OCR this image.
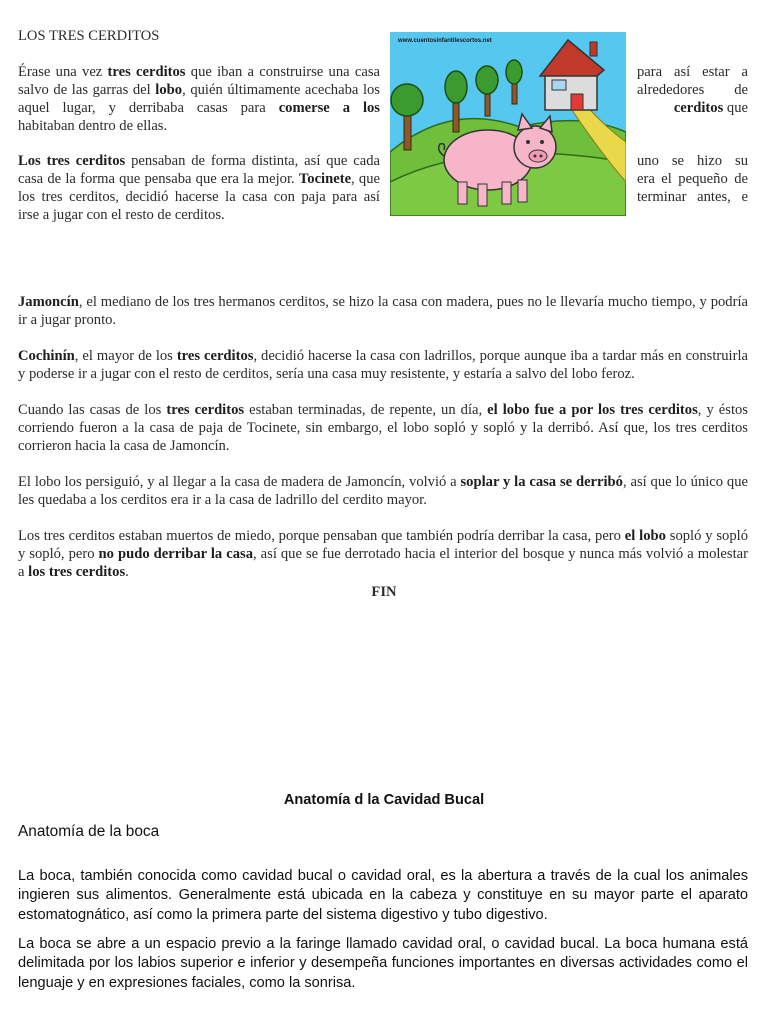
LOS TRES CERDITOS
Érase una vez tres cerditos que iban a construirse una casa	para así estar a
salvo de las garras del lobo, quién últimamente acechaba los	alrededores de
aquel lugar, y derribaba casas para comerse a los	cerditos que
habitaban dentro de ellas.
Los tres cerditos pensaban de forma distinta, así que cada	uno se hizo su
casa de la forma que pensaba que era la mejor. Tocinete, que	era el pequeño de
los tres cerditos, decidió hacerse la casa con paja para así	terminar antes, e
irse a jugar con el resto de cerditos.
www.cuentosinfantilescortos.net

Jamoncín, el mediano de los tres hermanos cerditos, se hizo la casa con madera, pues no le llevaría mucho tiempo, y podría ir a jugar pronto.

Cochinín, el mayor de los tres cerditos, decidió hacerse la casa con ladrillos, porque aunque iba a tardar más en construirla y poderse ir a jugar con el resto de cerditos, sería una casa muy resistente, y estaría a salvo del lobo feroz.

Cuando las casas de los tres cerditos estaban terminadas, de repente, un día, el lobo fue a por los tres cerditos, y éstos corriendo fueron a la casa de paja de Tocinete, sin embargo, el lobo sopló y sopló y la derribó. Así que, los tres cerditos corrieron hacia la casa de Jamoncín.

El lobo los persiguió, y al llegar a la casa de madera de Jamoncín, volvió a soplar y la casa se derribó, así que lo único que les quedaba a los cerditos era ir a la casa de ladrillo del cerdito mayor.

Los tres cerditos estaban muertos de miedo, porque pensaban que también podría derribar la casa, pero el lobo sopló y sopló y sopló, pero no pudo derribar la casa, así que se fue derrotado hacia el interior del bosque y nunca más volvió a molestar a los tres cerditos.

FIN
Anatomía d la Cavidad Bucal
Anatomía de la boca

La boca, también conocida como cavidad bucal o cavidad oral, es la abertura a través de la cual los animales ingieren sus alimentos. Generalmente está ubicada en la cabeza y constituye en su mayor parte el aparato estomatognático, así como la primera parte del sistema digestivo y tubo digestivo.

La boca se abre a un espacio previo a la faringe llamado cavidad oral, o cavidad bucal. La boca humana está delimitada por los labios superior e inferior y desempeña funciones importantes en diversas actividades como el lenguaje y en expresiones faciales, como la sonrisa.
